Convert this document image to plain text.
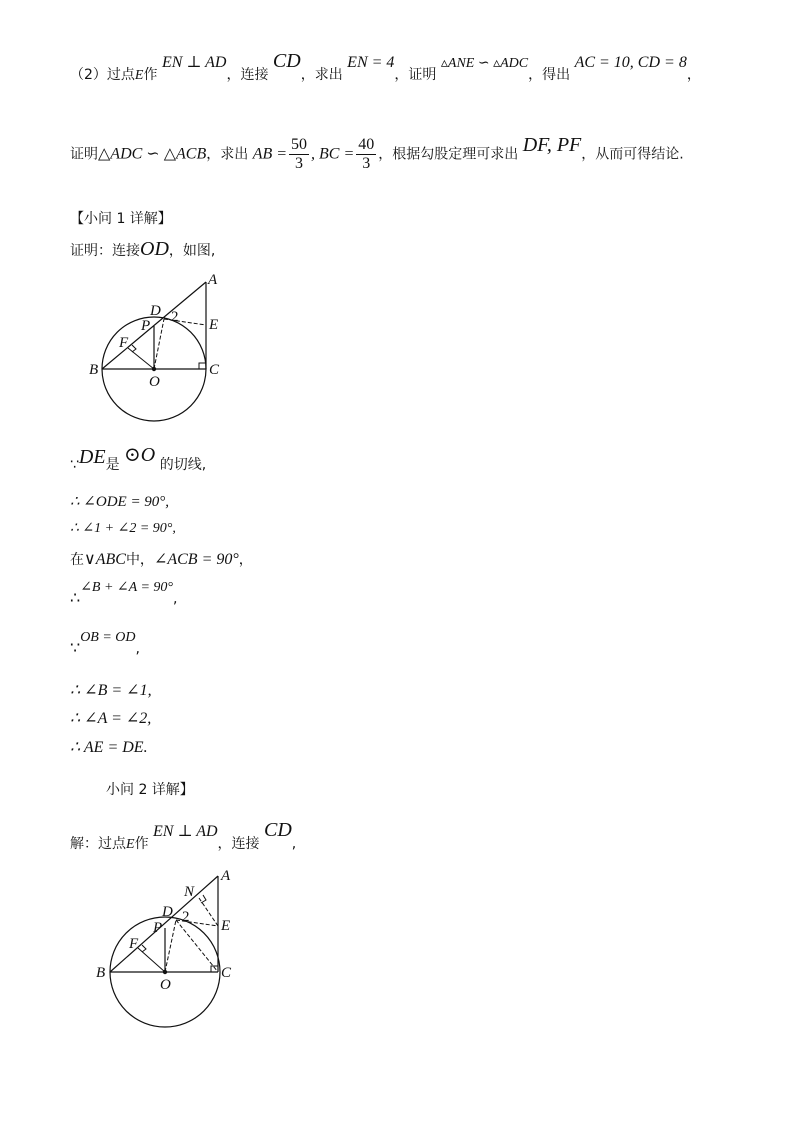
（2）过点E作 EN ⊥ AD，连接 CD，求出 EN = 4，证明 ▵ANE ∽ ▵ADC，得出 AC = 10, CD = 8，
证明△ADC ∽ △ACB，求出 AB = $\frac{50}{3}$ , BC = $\frac{40}{3}$ ，根据勾股定理可求出 DF, PF，从而可得结论.
【小问 1 详解】
证明：连接OD，如图,
A
D
P
2 E
F
B
O
C
∵DE是 ⊙O 的切线,
∴ ∠ODE = 90°,
∴ ∠1 + ∠2 = 90°,
在∨ABC中，∠ACB = 90°，
∴∠B + ∠A = 90°,
∵OB = OD,
∴ ∠B = ∠1,
∴ ∠A = ∠2,
∴ AE = DE.
小问 2 详解】
解：过点E作 EN ⊥ AD，连接 CD,
A
N
D
P
2
E
F
B
O
C
